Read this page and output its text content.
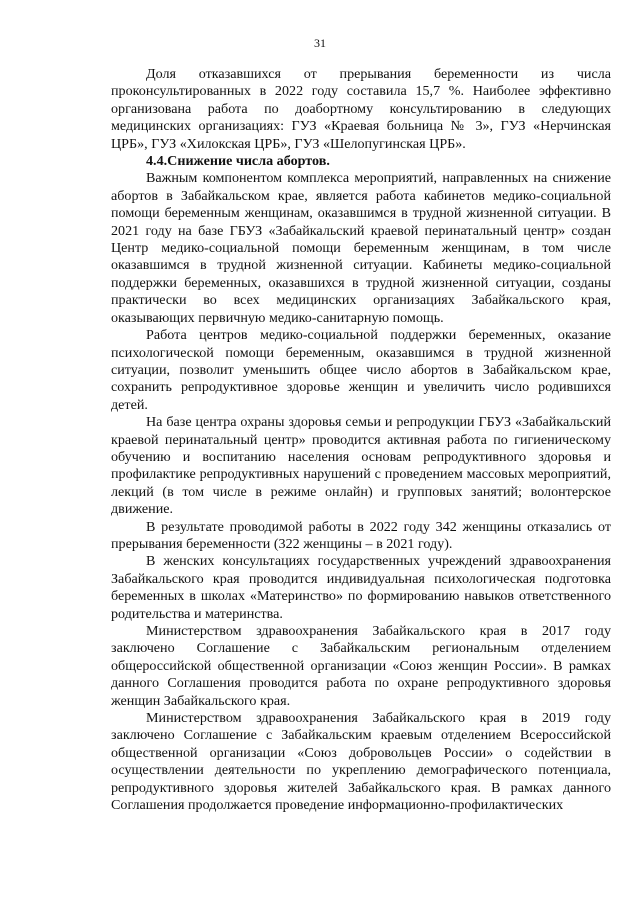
31

Доля отказавшихся от прерывания беременности из числа проконсультированных в 2022 году составила 15,7 %. Наиболее эффективно организована работа по доабортному консультированию в следующих медицинских организациях: ГУЗ «Краевая больница № 3», ГУЗ «Нерчинская ЦРБ», ГУЗ «Хилокская ЦРБ», ГУЗ «Шелопугинская ЦРБ».

4.4.Снижение числа абортов.

Важным компонентом комплекса мероприятий, направленных на снижение абортов в Забайкальском крае, является работа кабинетов медико-социальной помощи беременным женщинам, оказавшимся в трудной жизненной ситуации. В 2021 году на базе ГБУЗ «Забайкальский краевой перинатальный центр» создан Центр медико-социальной помощи беременным женщинам, в том числе оказавшимся в трудной жизненной ситуации. Кабинеты медико-социальной поддержки беременных, оказавшихся в трудной жизненной ситуации, созданы практически во всех медицинских организациях Забайкальского края, оказывающих первичную медико-санитарную помощь.

Работа центров медико-социальной поддержки беременных, оказание психологической помощи беременным, оказавшимся в трудной жизненной ситуации, позволит уменьшить общее число абортов в Забайкальском крае, сохранить репродуктивное здоровье женщин и увеличить число родившихся детей.

На базе центра охраны здоровья семьи и репродукции ГБУЗ «Забайкальский краевой перинатальный центр» проводится активная работа по гигиеническому обучению и воспитанию населения основам репродуктивного здоровья и профилактике репродуктивных нарушений с проведением массовых мероприятий, лекций (в том числе в режиме онлайн) и групповых занятий; волонтерское движение.

В результате проводимой работы в 2022 году 342 женщины отказались от прерывания беременности (322 женщины – в 2021 году).

В женских консультациях государственных учреждений здравоохранения Забайкальского края проводится индивидуальная психологическая подготовка беременных в школах «Материнство» по формированию навыков ответственного родительства и материнства.

Министерством здравоохранения Забайкальского края в 2017 году заключено Соглашение с Забайкальским региональным отделением общероссийской общественной организации «Союз женщин России». В рамках данного Соглашения проводится работа по охране репродуктивного здоровья женщин Забайкальского края.

Министерством здравоохранения Забайкальского края в 2019 году заключено Соглашение с Забайкальским краевым отделением Всероссийской общественной организации «Союз добровольцев России» о содействии в осуществлении деятельности по укреплению демографического потенциала, репродуктивного здоровья жителей Забайкальского края. В рамках данного Соглашения продолжается проведение информационно-профилактических
